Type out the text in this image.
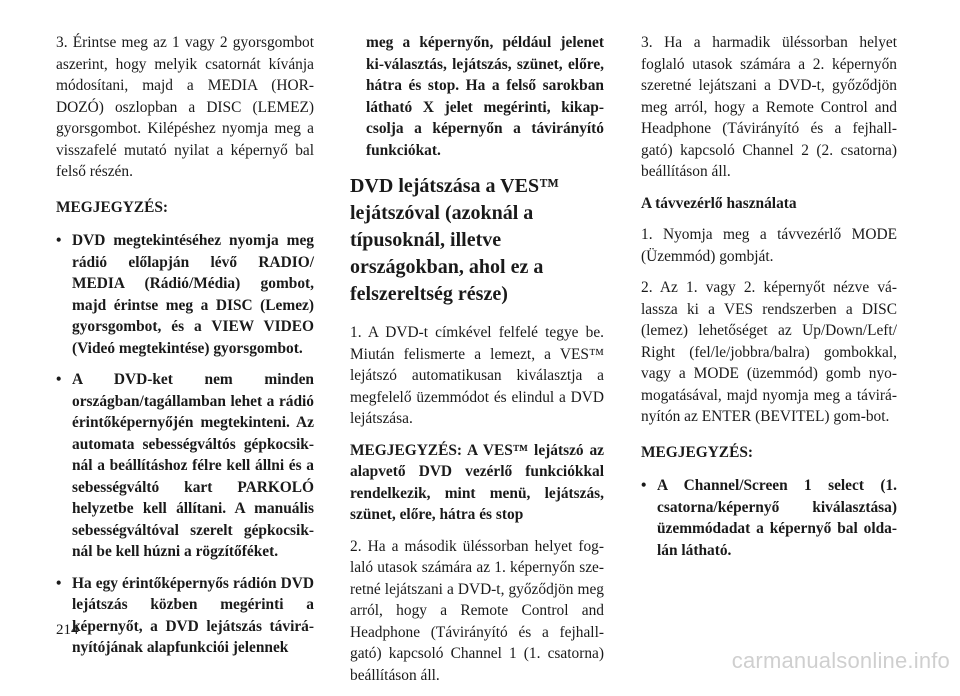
3. Érintse meg az 1 vagy 2 gyorsgombot aszerint, hogy melyik csatornát kívánja módosítani, majd a MEDIA (HOR-DOZÓ) oszlopban a DISC (LEMEZ) gyorsgombot. Kilépéshez nyomja meg a visszafelé mutató nyilat a képernyő bal felső részén.

MEGJEGYZÉS:

• DVD megtekintéséhez nyomja meg rádió előlapján lévő RADIO/ MEDIA (Rádió/Média) gombot, majd érintse meg a DISC (Lemez) gyorsgombot, és a VIEW VIDEO (Videó megtekintése) gyorsgombot.
• A DVD-ket nem minden országban/tagállamban lehet a rádió érintőképernyőjén megtekinteni. Az automata sebességváltós gépkocsik-nál a beállításhoz félre kell állni és a sebességváltó kart PARKOLÓ helyzetbe kell állítani. A manuális sebességváltóval szerelt gépkocsik-nál be kell húzni a rögzítőféket.
• Ha egy érintőképernyős rádión DVD lejátszás közben megérinti a képernyőt, a DVD lejátszás távirá-nyítójának alapfunkciói jelennek

meg a képernyőn, például jelenet ki-választás, lejátszás, szünet, előre, hátra és stop. Ha a felső sarokban látható X jelet megérinti, kikap-csolja a képernyőn a távirányító funkciókat.

DVD lejátszása a VES™ lejátszóval (azoknál a típusoknál, illetve országokban, ahol ez a felszereltség része)

1. A DVD-t címkével felfelé tegye be. Miután felismerte a lemezt, a VES™ lejátszó automatikusan kiválasztja a megfelelő üzemmódot és elindul a DVD lejátszása.

MEGJEGYZÉS: A VES™ lejátszó az alapvető DVD vezérlő funkciókkal rendelkezik, mint menü, lejátszás, szünet, előre, hátra és stop

2. Ha a második üléssorban helyet fog-laló utasok számára az 1. képernyőn sze-retné lejátszani a DVD-t, győződjön meg arról, hogy a Remote Control and Headphone (Távirányító és a fejhall-gató) kapcsoló Channel 1 (1. csatorna) beállításon áll.

3. Ha a harmadik üléssorban helyet foglaló utasok számára a 2. képernyőn szeretné lejátszani a DVD-t, győződjön meg arról, hogy a Remote Control and Headphone (Távirányító és a fejhall-gató) kapcsoló Channel 2 (2. csatorna) beállításon áll.

A távvezérlő használata

1. Nyomja meg a távvezérlő MODE (Üzemmód) gombját.

2. Az 1. vagy 2. képernyőt nézve vá-lassza ki a VES rendszerben a DISC (lemez) lehetőséget az Up/Down/Left/ Right (fel/le/jobbra/balra) gombokkal, vagy a MODE (üzemmód) gomb nyo-mogatásával, majd nyomja meg a távirá-nyítón az ENTER (BEVITEL) gom-bot.

MEGJEGYZÉS:

• A Channel/Screen 1 select (1. csatorna/képernyő kiválasztása) üzemmódadat a képernyő bal olda-lán látható.
214
carmanualsonline.info
